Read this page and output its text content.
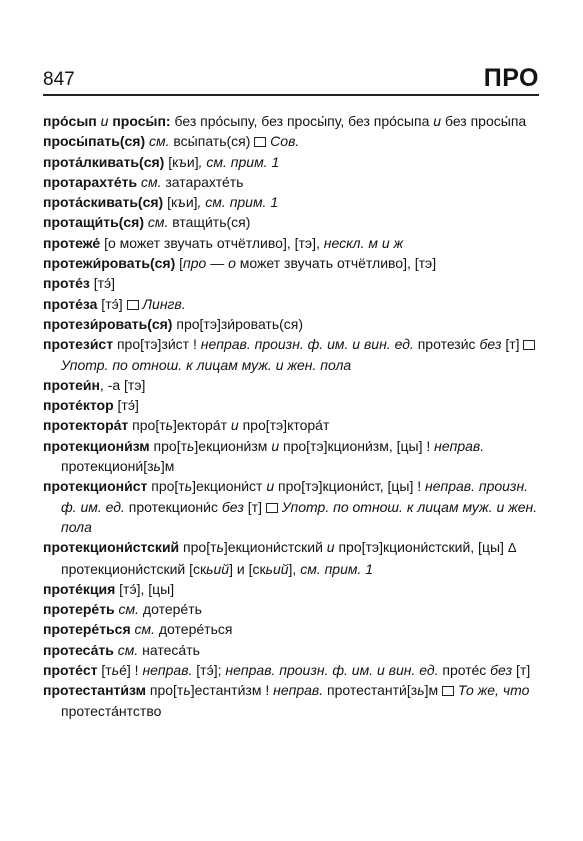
847	ПРО

про́сып и просы́п: без про́сыпу, без просы́пу, без про́сыпа и без просы́па

просы́пать(ся) см. всы́пать(ся)  Сов.

прота́лкивать(ся) [къи], см. прим. 1

протарахте́ть см. затарахте́ть

прота́скивать(ся) [къи], см. прим. 1

протащи́ть(ся) см. втащи́ть(ся)

протеже́ [о может звучать отчётливо], [тэ], нескл. м и ж

протежи́ровать(ся) [про — о может звучать отчётливо], [тэ]

проте́з [тэ́]

проте́за [тэ́]  Лингв.

протези́ровать(ся) про[тэ]зи́ровать(ся)

протези́ст про[тэ]зи́ст ! неправ. произн. ф. им. и вин. ед. протези́с без [т]  Употр. по отнош. к лицам муж. и жен. пола

протеи́н, -а [тэ]

проте́ктор [тэ́]

протектора́т про[ть]ектора́т и про[тэ]ктора́т

протекциони́зм про[ть]екциони́зм и про[тэ]кциони́зм, [цы] ! неправ. протекциони́[зь]м

протекциони́ст про[ть]екциони́ст и про[тэ]кциони́ст, [цы] ! неправ. произн. ф. им. ед. протекциони́с без [т]  Употр. по отнош. к лицам муж. и жен. пола

протекциони́стский про[ть]екциони́стский и про[тэ]кциони́стский, [цы] Δ протекциони́стский [скьий] и [скьий], см. прим. 1

проте́кция [тэ́], [цы]

протере́ть см. дотере́ть

протере́ться см. дотере́ться

протеса́ть см. натеса́ть

проте́ст [тье́] ! неправ. [тэ́]; неправ. произн. ф. им. и вин. ед. проте́с без [т]

протестанти́зм про[ть]естанти́зм ! неправ. протестанти́[зь]м  То же, что протеста́нтство
